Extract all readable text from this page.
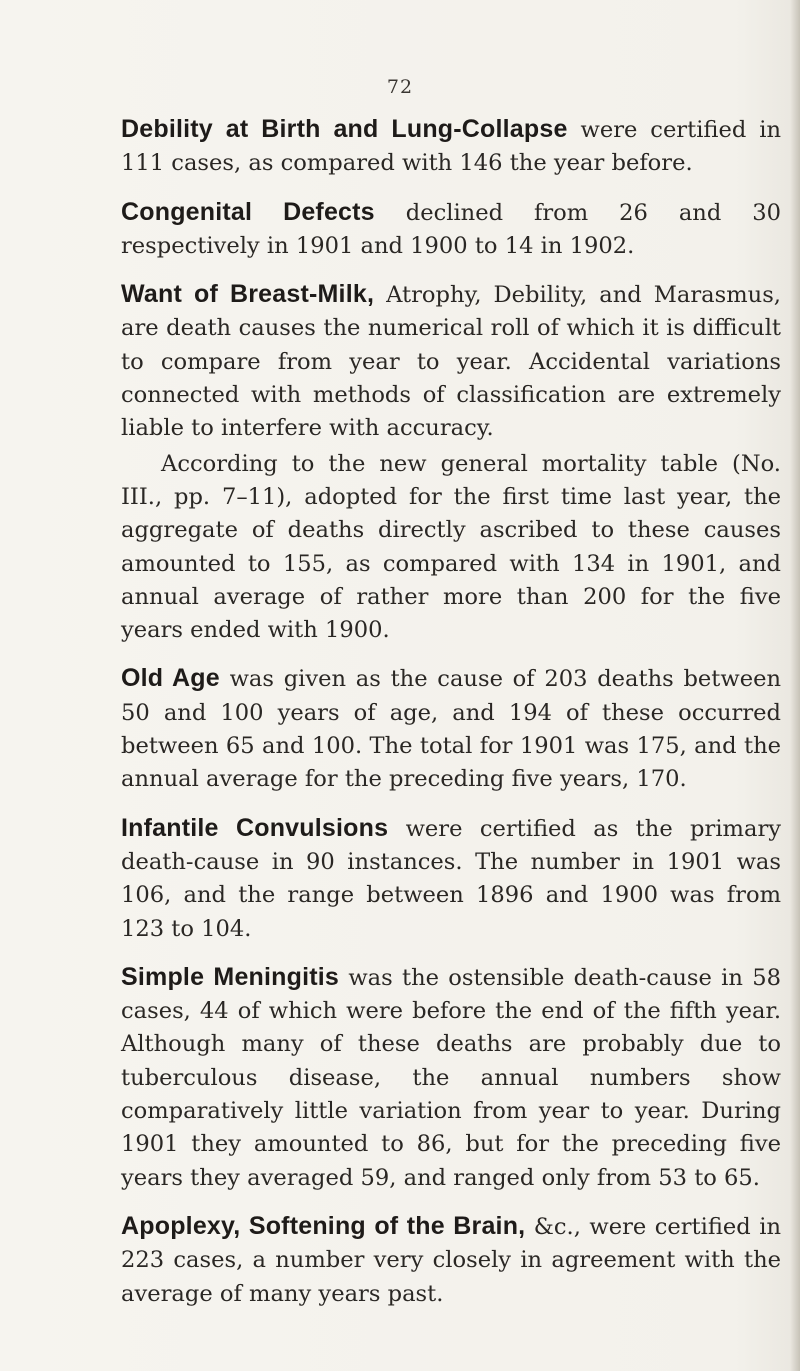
72

Debility at Birth and Lung-Collapse were certified in 111 cases, as compared with 146 the year before.

Congenital Defects declined from 26 and 30 respectively in 1901 and 1900 to 14 in 1902.

Want of Breast-Milk, Atrophy, Debility, and Marasmus, are death causes the numerical roll of which it is difficult to compare from year to year. Accidental variations connected with methods of classification are extremely liable to interfere with accuracy.

According to the new general mortality table (No. III., pp. 7–11), adopted for the first time last year, the aggregate of deaths directly ascribed to these causes amounted to 155, as compared with 134 in 1901, and annual average of rather more than 200 for the five years ended with 1900.

Old Age was given as the cause of 203 deaths between 50 and 100 years of age, and 194 of these occurred between 65 and 100. The total for 1901 was 175, and the annual average for the preceding five years, 170.

Infantile Convulsions were certified as the primary death-cause in 90 instances. The number in 1901 was 106, and the range between 1896 and 1900 was from 123 to 104.

Simple Meningitis was the ostensible death-cause in 58 cases, 44 of which were before the end of the fifth year. Although many of these deaths are probably due to tuberculous disease, the annual numbers show comparatively little variation from year to year. During 1901 they amounted to 86, but for the preceding five years they averaged 59, and ranged only from 53 to 65.

Apoplexy, Softening of the Brain, &c., were certified in 223 cases, a number very closely in agreement with the average of many years past.
